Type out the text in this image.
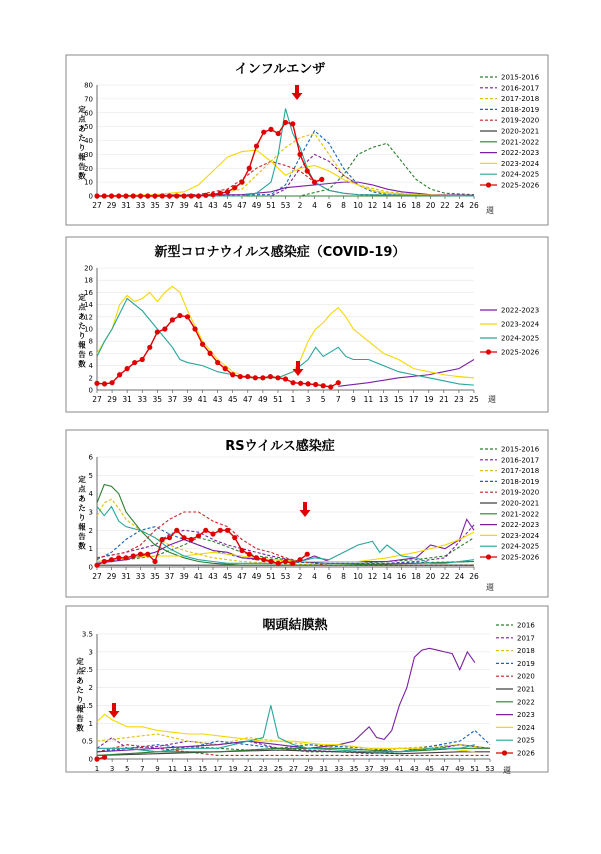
インフルエンザ
0
10
20
30
40
50
60
70
80
27 29 31 33 35 37 39 41 43 45 47 49 51 53 2 4 6 8 10 12 14 16 18 20 22 24 26
定
点
あ
た
り
報
告
数
2015-2016
2016-2017
2017-2018
2018-2019
2019-2020
2020-2021
2021-2022
2022-2023
2023-2024
2024-2025
2025-2026
週
新型コロナウイルス感染症（COVID-19）
0
2
4
6
8
10
12
14
16
18
20
27 29 31 33 35 37 39 41 43 45 47 49 51 1 3 5 7 9 11 13 15 17 19 21 23 25
定
点
あ
た
り
報
告
数
2022-2023
2023-2024
2024-2025
2025-2026
週
RSウイルス感染症
0
1
2
3
4
5
6
27 29 31 33 35 37 39 41 43 45 47 49 51 53 2 4 6 8 10 12 14 16 18 20 22 24 26
定
点
あ
た
り
報
告
数
2015-2016
2016-2017
2017-2018
2018-2019
2019-2020
2020-2021
2021-2022
2022-2023
2023-2024
2024-2025
2025-2026
週
咽頭結膜熱
0
0.5
1
1.5
2
2.5
3
3.5
1 3 5 7 9 11 13 15 17 19 21 23 25 27 29 31 33 35 37 39 41 43 45 47 49 51 53
定
点
あ
た
り
報
告
数
2016
2017
2018
2019
2020
2021
2022
2023
2024
2025
2026
週
